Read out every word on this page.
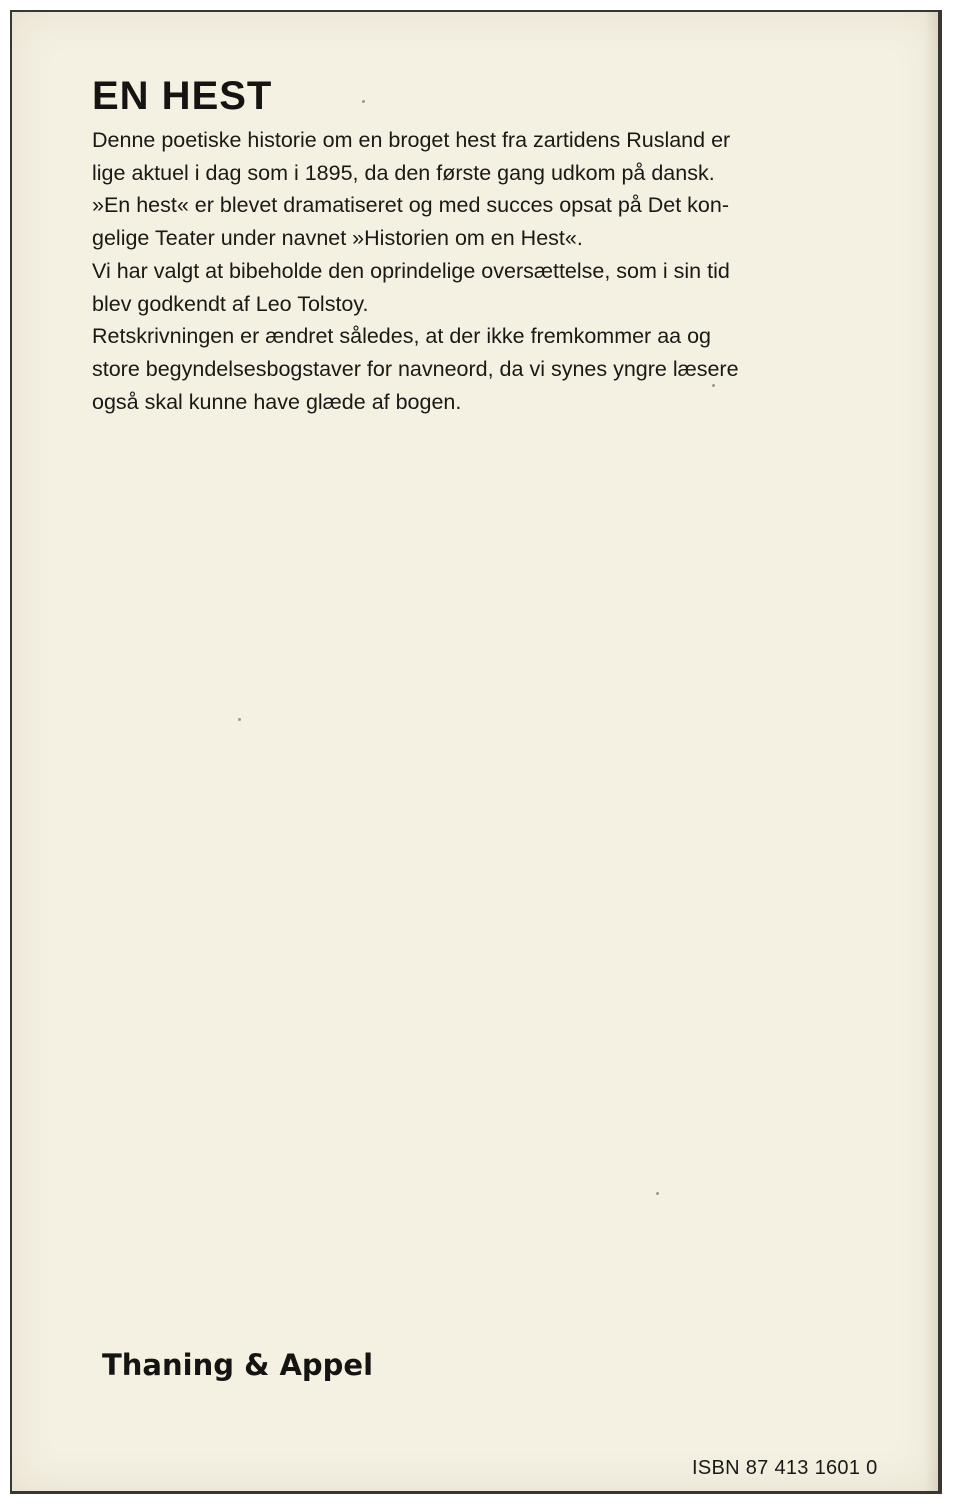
EN HEST
Denne poetiske historie om en broget hest fra zartidens Rusland er
lige aktuel i dag som i 1895, da den første gang udkom på dansk.
»En hest« er blevet dramatiseret og med succes opsat på Det kon-
gelige Teater under navnet »Historien om en Hest«.
Vi har valgt at bibeholde den oprindelige oversættelse, som i sin tid
blev godkendt af Leo Tolstoy.
Retskrivningen er ændret således, at der ikke fremkommer aa og
store begyndelsesbogstaver for navneord, da vi synes yngre læsere
også skal kunne have glæde af bogen.
Thaning & Appel
ISBN 87 413 1601 0
